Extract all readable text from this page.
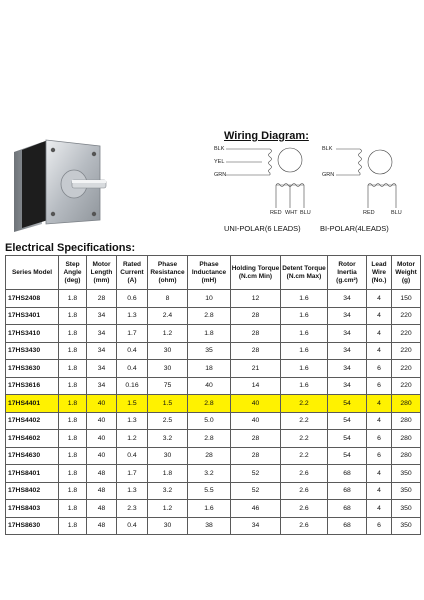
Wiring Diagram:
BLK
YEL
GRN
RED WHT BLU
UNI-POLAR(6 LEADS)
BLK
GRN
RED	BLU
BI-POLAR(4LEADS)
Electrical Specifications:
Series Model	Step Angle (deg)	Motor Length (mm)	Rated Current (A)	Phase Resistance (ohm)	Phase Inductance (mH)	Holding Torque (N.cm Min)	Detent Torque (N.cm Max)	Rotor Inertia (g.cm²)	Lead Wire (No.)	Motor Weight (g)
17HS2408	1.8	28	0.6	8	10	12	1.6	34	4	150
17HS3401	1.8	34	1.3	2.4	2.8	28	1.6	34	4	220
17HS3410	1.8	34	1.7	1.2	1.8	28	1.6	34	4	220
17HS3430	1.8	34	0.4	30	35	28	1.6	34	4	220
17HS3630	1.8	34	0.4	30	18	21	1.6	34	6	220
17HS3616	1.8	34	0.16	75	40	14	1.6	34	6	220
17HS4401	1.8	40	1.5	1.5	2.8	40	2.2	54	4	280
17HS4402	1.8	40	1.3	2.5	5.0	40	2.2	54	4	280
17HS4602	1.8	40	1.2	3.2	2.8	28	2.2	54	6	280
17HS4630	1.8	40	0.4	30	28	28	2.2	54	6	280
17HS8401	1.8	48	1.7	1.8	3.2	52	2.6	68	4	350
17HS8402	1.8	48	1.3	3.2	5.5	52	2.6	68	4	350
17HS8403	1.8	48	2.3	1.2	1.6	46	2.6	68	4	350
17HS8630	1.8	48	0.4	30	38	34	2.6	68	6	350
